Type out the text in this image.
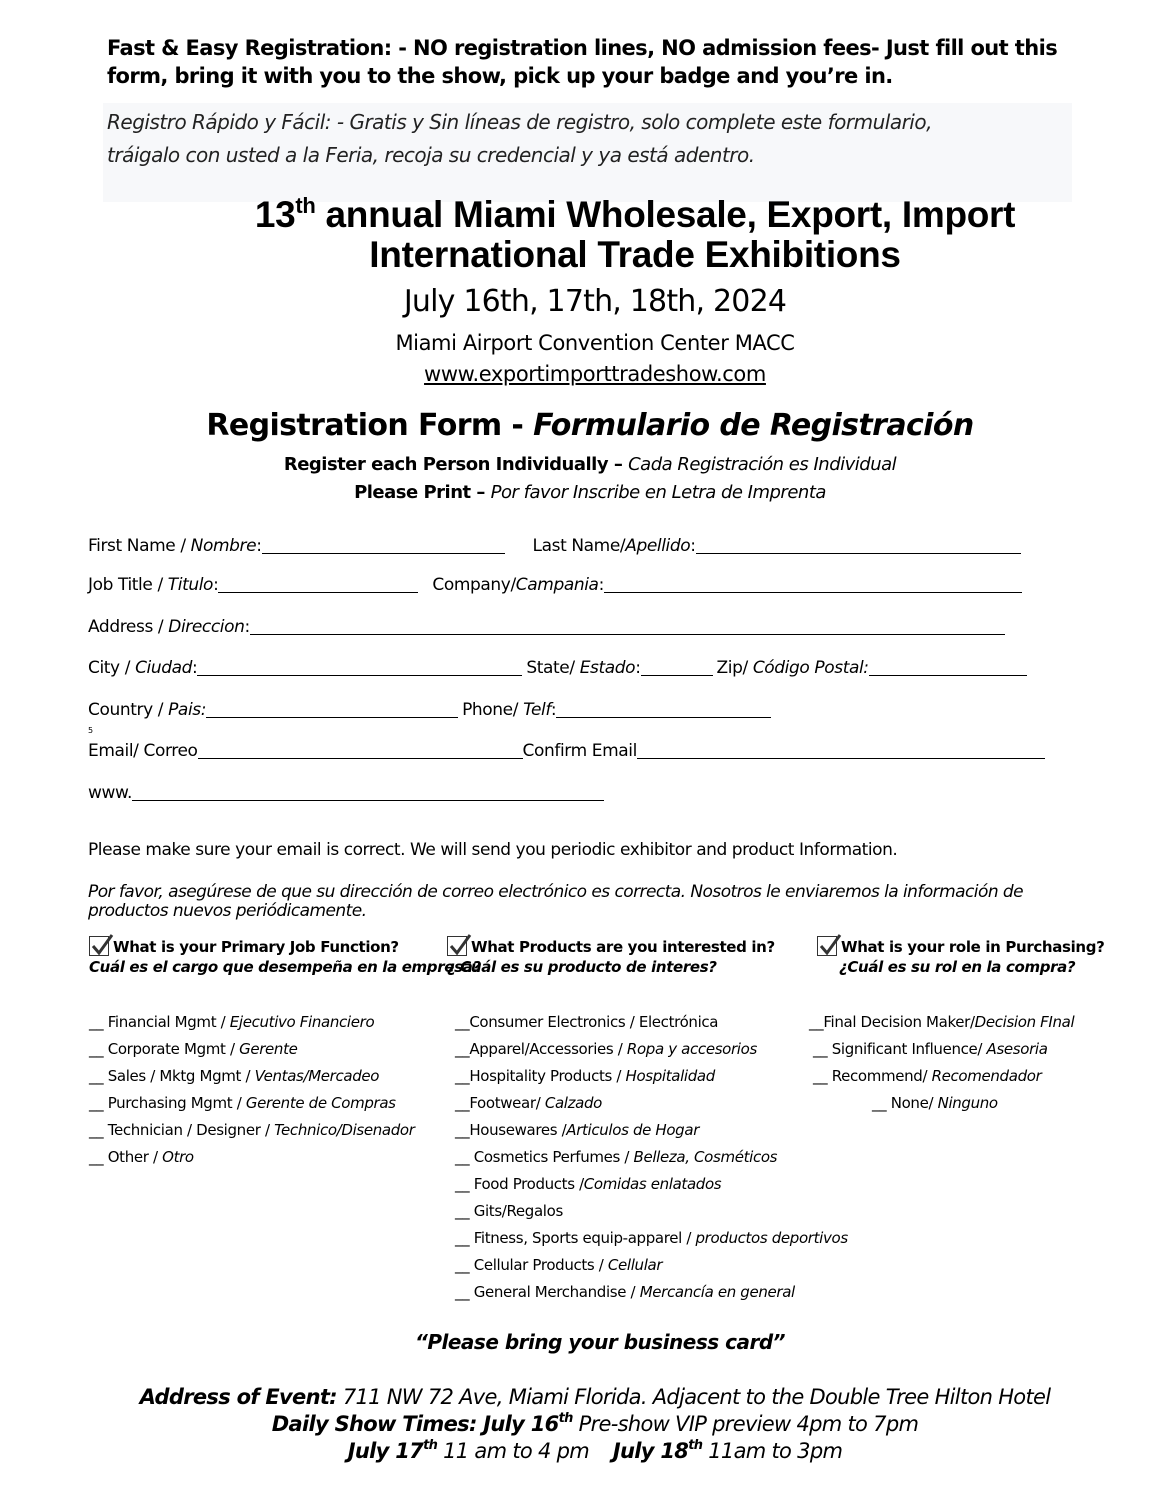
Fast & Easy Registration: - NO registration lines, NO admission fees- Just fill out this form, bring it with you to the show, pick up your badge and you’re in.
Registro Rápido y Fácil: - Gratis y Sin líneas de registro, solo complete este formulario,
tráigalo con usted a la Feria, recoja su credencial y ya está adentro.
13th annual Miami Wholesale, Export, Import
International Trade Exhibitions
July 16th, 17th, 18th, 2024
Miami Airport Convention Center MACC
www.exportimporttradeshow.com
Registration Form - Formulario de Registración
Register each Person Individually – Cada Registración es Individual
Please Print – Por favor Inscribe en Letra de Imprenta
First Name / Nombre:	Last Name/Apellido:
Job Title / Titulo:	Company/Campania:
Address / Direccion:
City / Ciudad:	State/ Estado:	Zip/ Código Postal:
Country / Pais:	Phone/ Telf:
5
Email/ Correo	Confirm Email
www.
Please make sure your email is correct. We will send you periodic exhibitor and product Information.
Por favor, asegúrese de que su dirección de correo electrónico es correcta. Nosotros le enviaremos la información de productos nuevos periódicamente.
What is your Primary Job Function?
Cuál es el cargo que desempeña en la empresa?
__ Financial Mgmt / Ejecutivo Financiero
__ Corporate Mgmt / Gerente
__ Sales / Mktg Mgmt / Ventas/Mercadeo
__ Purchasing Mgmt / Gerente de Compras
__ Technician / Designer / Technico/Disenador
__ Other / Otro
What Products are you interested in?
¿ Cuál es su producto de interes?
__Consumer Electronics / Electrónica
__Apparel/Accessories / Ropa y accesorios
__Hospitality Products / Hospitalidad
__Footwear/ Calzado
__Housewares /Articulos de Hogar
__ Cosmetics Perfumes / Belleza, Cosméticos
__ Food Products /Comidas enlatados
__ Gits/Regalos
__ Fitness, Sports equip-apparel / productos deportivos
__ Cellular Products / Cellular
__ General Merchandise / Mercancía en general
What is your role in Purchasing?
¿Cuál es su rol en la compra?
__Final Decision Maker/Decision FInal
__ Significant Influence/ Asesoria
__ Recommend/ Recomendador
__ None/ Ninguno
“Please bring your business card”
Address of Event: 711 NW 72 Ave, Miami Florida. Adjacent to the Double Tree Hilton Hotel
Daily Show Times: July 16th Pre-show VIP preview 4pm to 7pm
July 17th 11 am to 4 pm    July 18th 11am to 3pm
